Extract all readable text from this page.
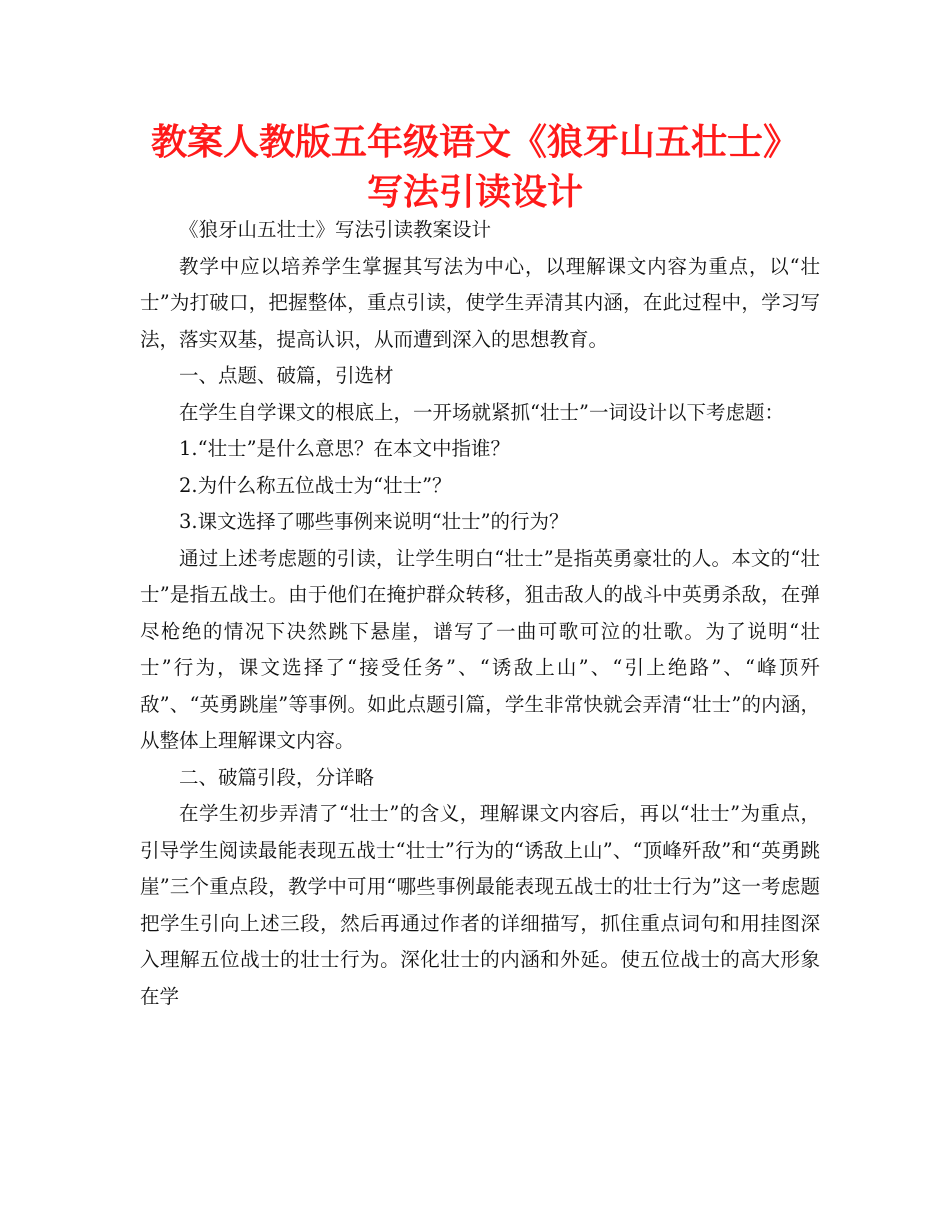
教案人教版五年级语文《狼牙山五壮士》
写法引读设计

《狼牙山五壮士》写法引读教案设计

教学中应以培养学生掌握其写法为中心，以理解课文内容为重点，以“壮士”为打破口，把握整体，重点引读，使学生弄清其内涵，在此过程中，学习写法，落实双基，提高认识，从而遭到深入的思想教育。

一、点题、破篇，引选材

在学生自学课文的根底上，一开场就紧抓“壮士”一词设计以下考虑题：

1.“壮士”是什么意思？在本文中指谁？

2.为什么称五位战士为“壮士”？

3.课文选择了哪些事例来说明“壮士”的行为？

通过上述考虑题的引读，让学生明白“壮士”是指英勇豪壮的人。本文的“壮士”是指五战士。由于他们在掩护群众转移，狙击敌人的战斗中英勇杀敌，在弹尽枪绝的情况下决然跳下悬崖，谱写了一曲可歌可泣的壮歌。为了说明“壮士”行为，课文选择了“接受任务”、“诱敌上山”、“引上绝路”、“峰顶歼敌”、“英勇跳崖”等事例。如此点题引篇，学生非常快就会弄清“壮士”的内涵，从整体上理解课文内容。

二、破篇引段，分详略

在学生初步弄清了“壮士”的含义，理解课文内容后，再以“壮士”为重点，引导学生阅读最能表现五战士“壮士”行为的“诱敌上山”、“顶峰歼敌”和“英勇跳崖”三个重点段，教学中可用“哪些事例最能表现五战士的壮士行为”这一考虑题把学生引向上述三段，然后再通过作者的详细描写，抓住重点词句和用挂图深入理解五位战士的壮士行为。深化壮士的内涵和外延。使五位战士的高大形象在学
